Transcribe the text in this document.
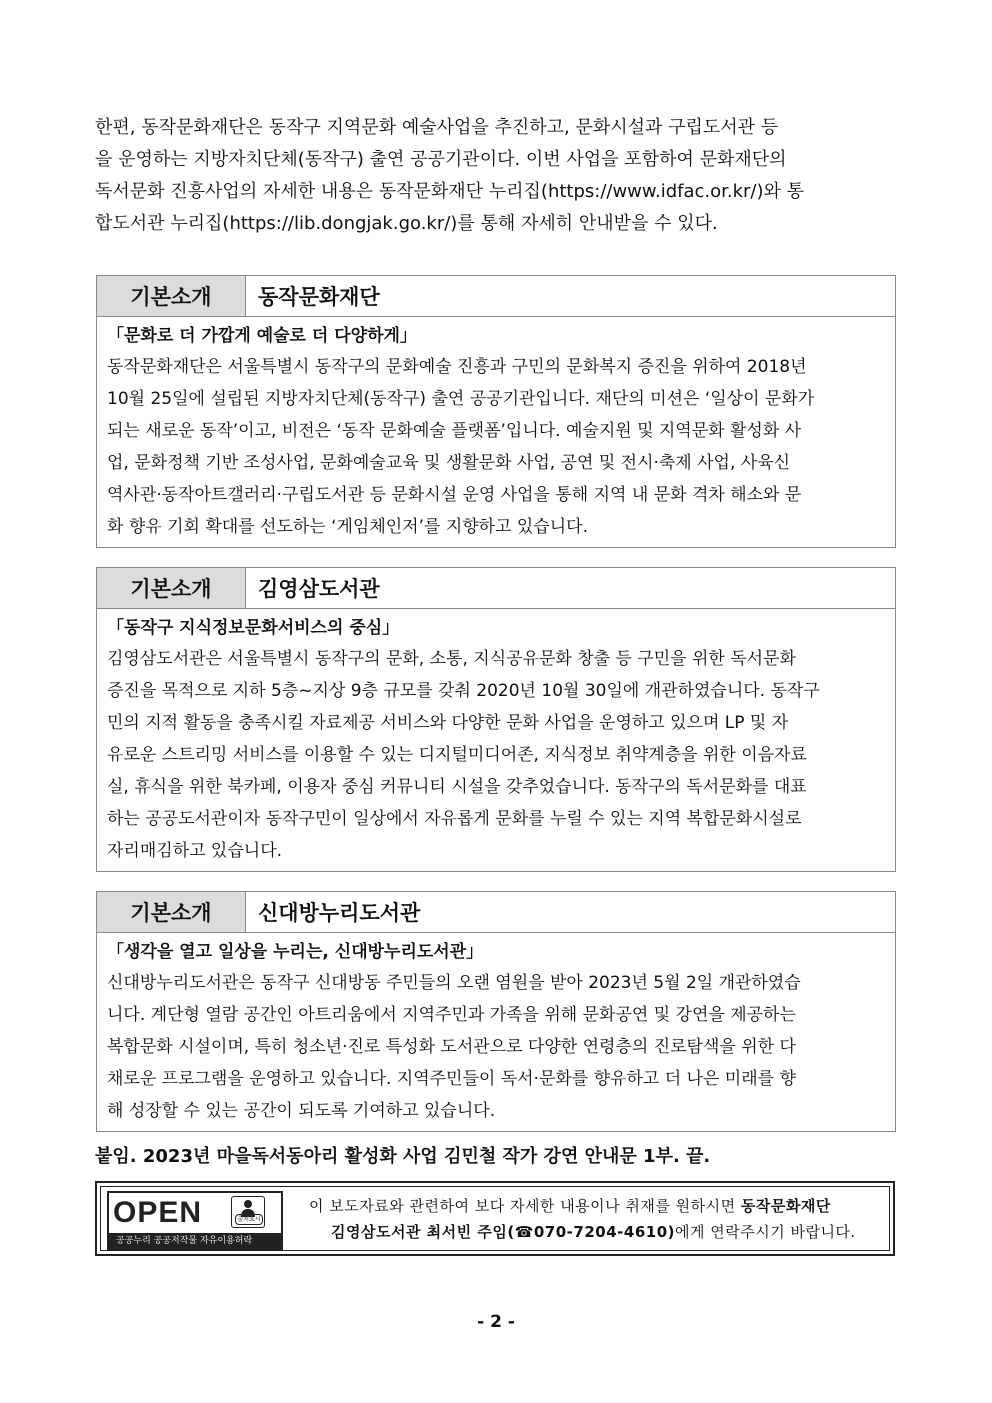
한편, 동작문화재단은 동작구 지역문화 예술사업을 추진하고, 문화시설과 구립도서관 등
을 운영하는 지방자치단체(동작구) 출연 공공기관이다. 이번 사업을 포함하여 문화재단의
독서문화 진흥사업의 자세한 내용은 동작문화재단 누리집(https://www.idfac.or.kr/)와 통
합도서관 누리집(https://lib.dongjak.go.kr/)를 통해 자세히 안내받을 수 있다.
기본소개	동작문화재단

「문화로 더 가깝게 예술로 더 다양하게」

동작문화재단은 서울특별시 동작구의 문화예술 진흥과 구민의 문화복지 증진을 위하여 2018년
10월 25일에 설립된 지방자치단체(동작구) 출연 공공기관입니다. 재단의 미션은 ‘일상이 문화가
되는 새로운 동작’이고, 비전은 ‘동작 문화예술 플랫폼’입니다. 예술지원 및 지역문화 활성화 사
업, 문화정책 기반 조성사업, 문화예술교육 및 생활문화 사업, 공연 및 전시·축제 사업, 사육신
역사관·동작아트갤러리·구립도서관 등 문화시설 운영 사업을 통해 지역 내 문화 격차 해소와 문
화 향유 기회 확대를 선도하는 ‘게임체인저’를 지향하고 있습니다.
기본소개	김영삼도서관

「동작구 지식정보문화서비스의 중심」

김영삼도서관은 서울특별시 동작구의 문화, 소통, 지식공유문화 창출 등 구민을 위한 독서문화
증진을 목적으로 지하 5층~지상 9층 규모를 갖춰 2020년 10월 30일에 개관하였습니다. 동작구
민의 지적 활동을 충족시킬 자료제공 서비스와 다양한 문화 사업을 운영하고 있으며 LP 및 자
유로운 스트리밍 서비스를 이용할 수 있는 디지털미디어존, 지식정보 취약계층을 위한 이음자료
실, 휴식을 위한 북카페, 이용자 중심 커뮤니티 시설을 갖추었습니다. 동작구의 독서문화를 대표
하는 공공도서관이자 동작구민이 일상에서 자유롭게 문화를 누릴 수 있는 지역 복합문화시설로
자리매김하고 있습니다.
기본소개	신대방누리도서관

「생각을 열고 일상을 누리는, 신대방누리도서관」

신대방누리도서관은 동작구 신대방동 주민들의 오랜 염원을 받아 2023년 5월 2일 개관하였습
니다. 계단형 열람 공간인 아트리움에서 지역주민과 가족을 위해 문화공연 및 강연을 제공하는
복합문화 시설이며, 특히 청소년·진로 특성화 도서관으로 다양한 연령층의 진로탐색을 위한 다
채로운 프로그램을 운영하고 있습니다. 지역주민들이 독서·문화를 향유하고 더 나은 미래를 향
해 성장할 수 있는 공간이 되도록 기여하고 있습니다.

붙임. 2023년 마을독서동아리 활성화 사업 김민철 작가 강연 안내문 1부. 끝.

OPEN	출처표시
공공누리 공공저작물 자유이용허락
이 보도자료와 관련하여 보다 자세한 내용이나 취재를 원하시면 동작문화재단
김영삼도서관 최서빈 주임(☎070-7204-4610)에게 연락주시기 바랍니다.

- 2 -
